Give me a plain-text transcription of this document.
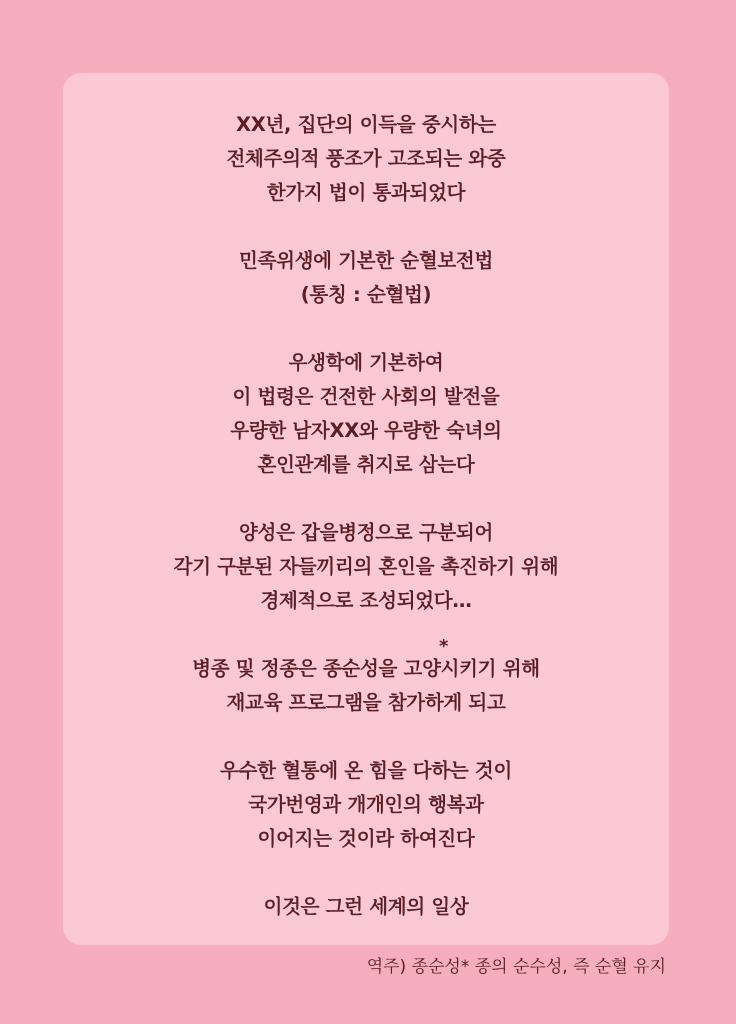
XX년, 집단의 이득을 중시하는
전체주의적 풍조가 고조되는 와중
한가지 법이 통과되었다
민족위생에 기본한 순혈보전법
(통칭 : 순혈법)
우생학에 기본하여
이 법령은 건전한 사회의 발전을
우량한 남자XX와 우량한 숙녀의
혼인관계를 취지로 삼는다
양성은 갑을병정으로 구분되어
각기 구분된 자들끼리의 혼인을 촉진하기 위해
경제적으로 조성되었다…
병종 및 정종은 종순성을 고양시키기 위해
*
재교육 프로그램을 참가하게 되고
우수한 혈통에 온 힘을 다하는 것이
국가번영과 개개인의 행복과
이어지는 것이라 하여진다
이것은 그런 세계의 일상
역주) 종순성* 종의 순수성, 즉 순혈 유지
